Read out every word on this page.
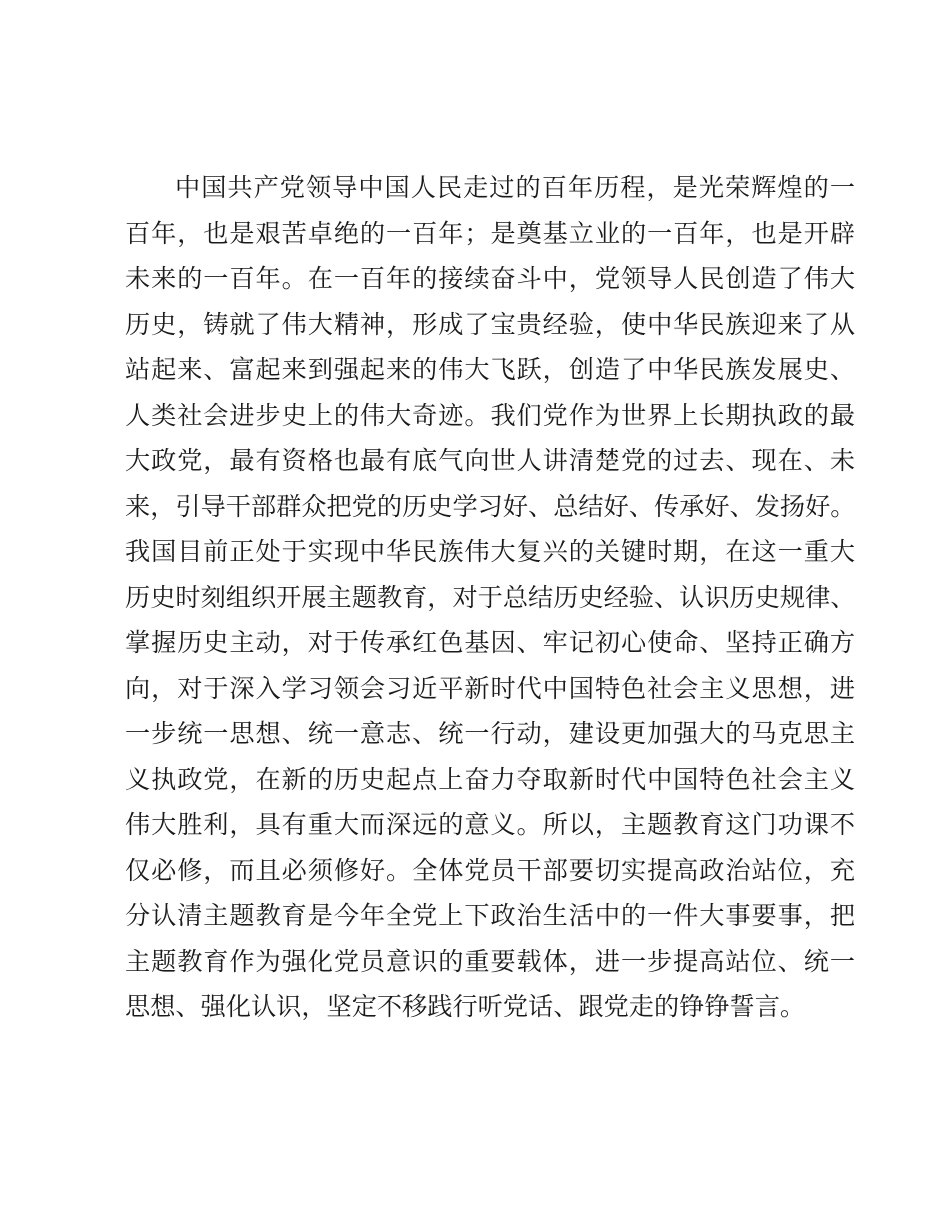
中国共产党领导中国人民走过的百年历程，是光荣辉煌的一
百年，也是艰苦卓绝的一百年；是奠基立业的一百年，也是开辟
未来的一百年。在一百年的接续奋斗中，党领导人民创造了伟大
历史，铸就了伟大精神，形成了宝贵经验，使中华民族迎来了从
站起来、富起来到强起来的伟大飞跃，创造了中华民族发展史、
人类社会进步史上的伟大奇迹。我们党作为世界上长期执政的最
大政党，最有资格也最有底气向世人讲清楚党的过去、现在、未
来，引导干部群众把党的历史学习好、总结好、传承好、发扬好。
我国目前正处于实现中华民族伟大复兴的关键时期，在这一重大
历史时刻组织开展主题教育，对于总结历史经验、认识历史规律、
掌握历史主动，对于传承红色基因、牢记初心使命、坚持正确方
向，对于深入学习领会习近平新时代中国特色社会主义思想，进
一步统一思想、统一意志、统一行动，建设更加强大的马克思主
义执政党，在新的历史起点上奋力夺取新时代中国特色社会主义
伟大胜利，具有重大而深远的意义。所以，主题教育这门功课不
仅必修，而且必须修好。全体党员干部要切实提高政治站位，充
分认清主题教育是今年全党上下政治生活中的一件大事要事，把
主题教育作为强化党员意识的重要载体，进一步提高站位、统一
思想、强化认识，坚定不移践行听党话、跟党走的铮铮誓言。
